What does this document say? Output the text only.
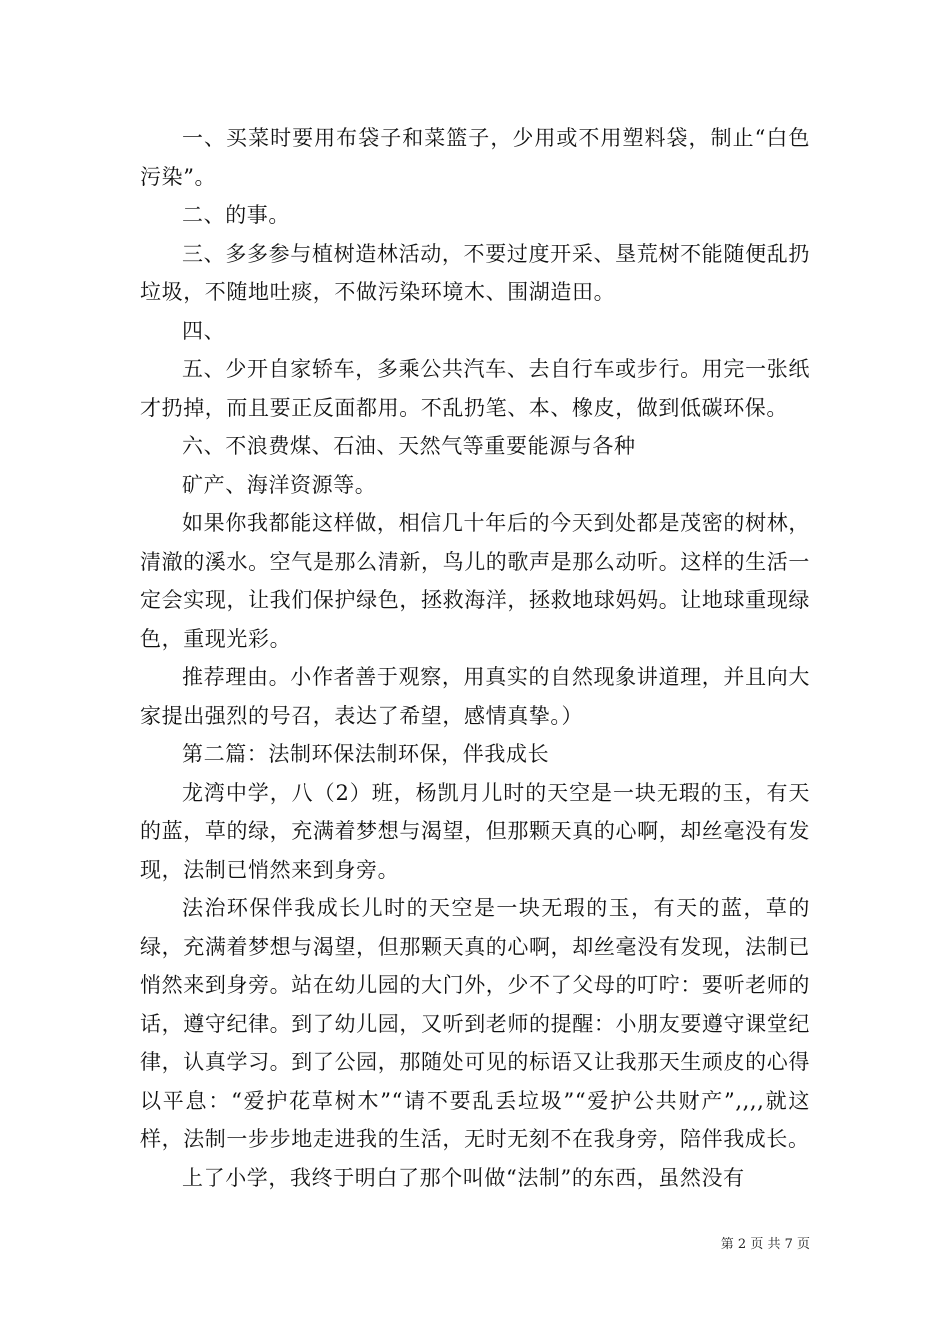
一、买菜时要用布袋子和菜篮子，少用或不用塑料袋，制止“白色污染”。

二、的事。

三、多多参与植树造林活动，不要过度开采、垦荒树不能随便乱扔垃圾，不随地吐痰，不做污染环境木、围湖造田。

四、

五、少开自家轿车，多乘公共汽车、去自行车或步行。用完一张纸才扔掉，而且要正反面都用。不乱扔笔、本、橡皮，做到低碳环保。

六、不浪费煤、石油、天然气等重要能源与各种

矿产、海洋资源等。

如果你我都能这样做，相信几十年后的今天到处都是茂密的树林，清澈的溪水。空气是那么清新，鸟儿的歌声是那么动听。这样的生活一定会实现，让我们保护绿色，拯救海洋，拯救地球妈妈。让地球重现绿色，重现光彩。

推荐理由。小作者善于观察，用真实的自然现象讲道理，并且向大家提出强烈的号召，表达了希望，感情真挚。）

第二篇：法制环保法制环保，伴我成长

龙湾中学，八（2）班，杨凯月儿时的天空是一块无瑕的玉，有天的蓝，草的绿，充满着梦想与渴望，但那颗天真的心啊，却丝毫没有发现，法制已悄然来到身旁。

法治环保伴我成长儿时的天空是一块无瑕的玉，有天的蓝，草的绿，充满着梦想与渴望，但那颗天真的心啊，却丝毫没有发现，法制已悄然来到身旁。站在幼儿园的大门外，少不了父母的叮咛：要听老师的话，遵守纪律。到了幼儿园，又听到老师的提醒：小朋友要遵守课堂纪律，认真学习。到了公园，那随处可见的标语又让我那天生顽皮的心得以平息：“爱护花草树木”“请不要乱丢垃圾”“爱护公共财产”,,,,就这样，法制一步步地走进我的生活，无时无刻不在我身旁，陪伴我成长。

上了小学，我终于明白了那个叫做“法制”的东西，虽然没有

第 2 页 共 7 页
